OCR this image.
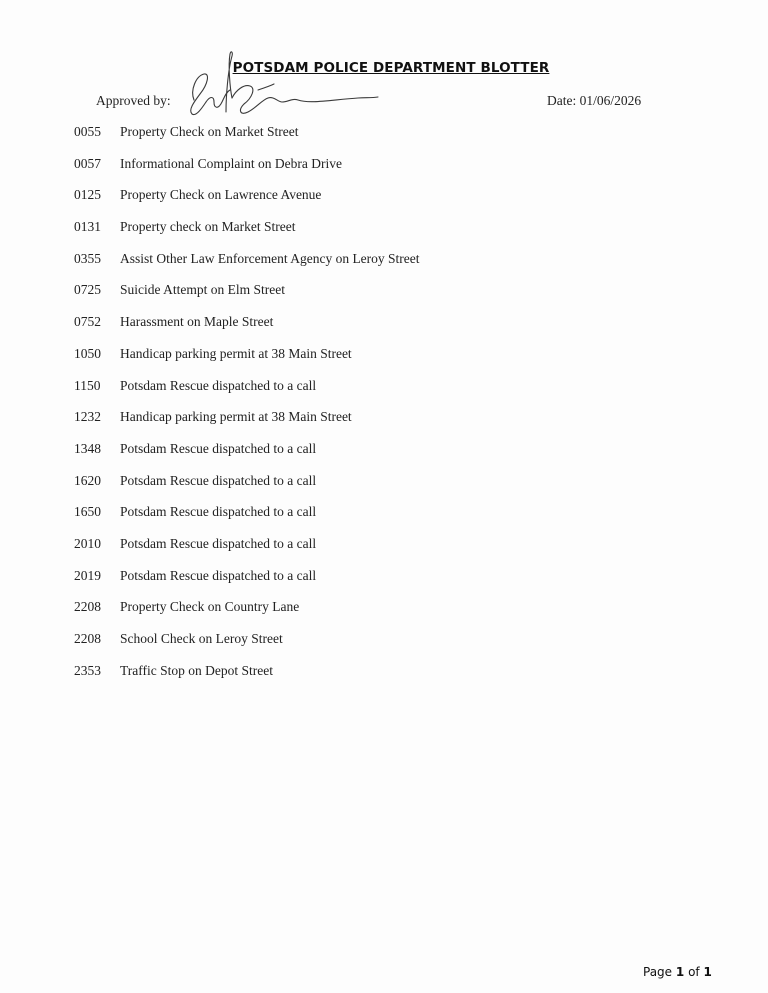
POTSDAM POLICE DEPARTMENT BLOTTER
Approved by:	Date: 01/06/2026
0055 Property Check on Market Street
0057 Informational Complaint on Debra Drive
0125 Property Check on Lawrence Avenue
0131 Property check on Market Street
0355 Assist Other Law Enforcement Agency on Leroy Street
0725 Suicide Attempt on Elm Street
0752 Harassment on Maple Street
1050 Handicap parking permit at 38 Main Street
1150 Potsdam Rescue dispatched to a call
1232 Handicap parking permit at 38 Main Street
1348 Potsdam Rescue dispatched to a call
1620 Potsdam Rescue dispatched to a call
1650 Potsdam Rescue dispatched to a call
2010 Potsdam Rescue dispatched to a call
2019 Potsdam Rescue dispatched to a call
2208 Property Check on Country Lane
2208 School Check on Leroy Street
2353 Traffic Stop on Depot Street
Page 1 of 1
